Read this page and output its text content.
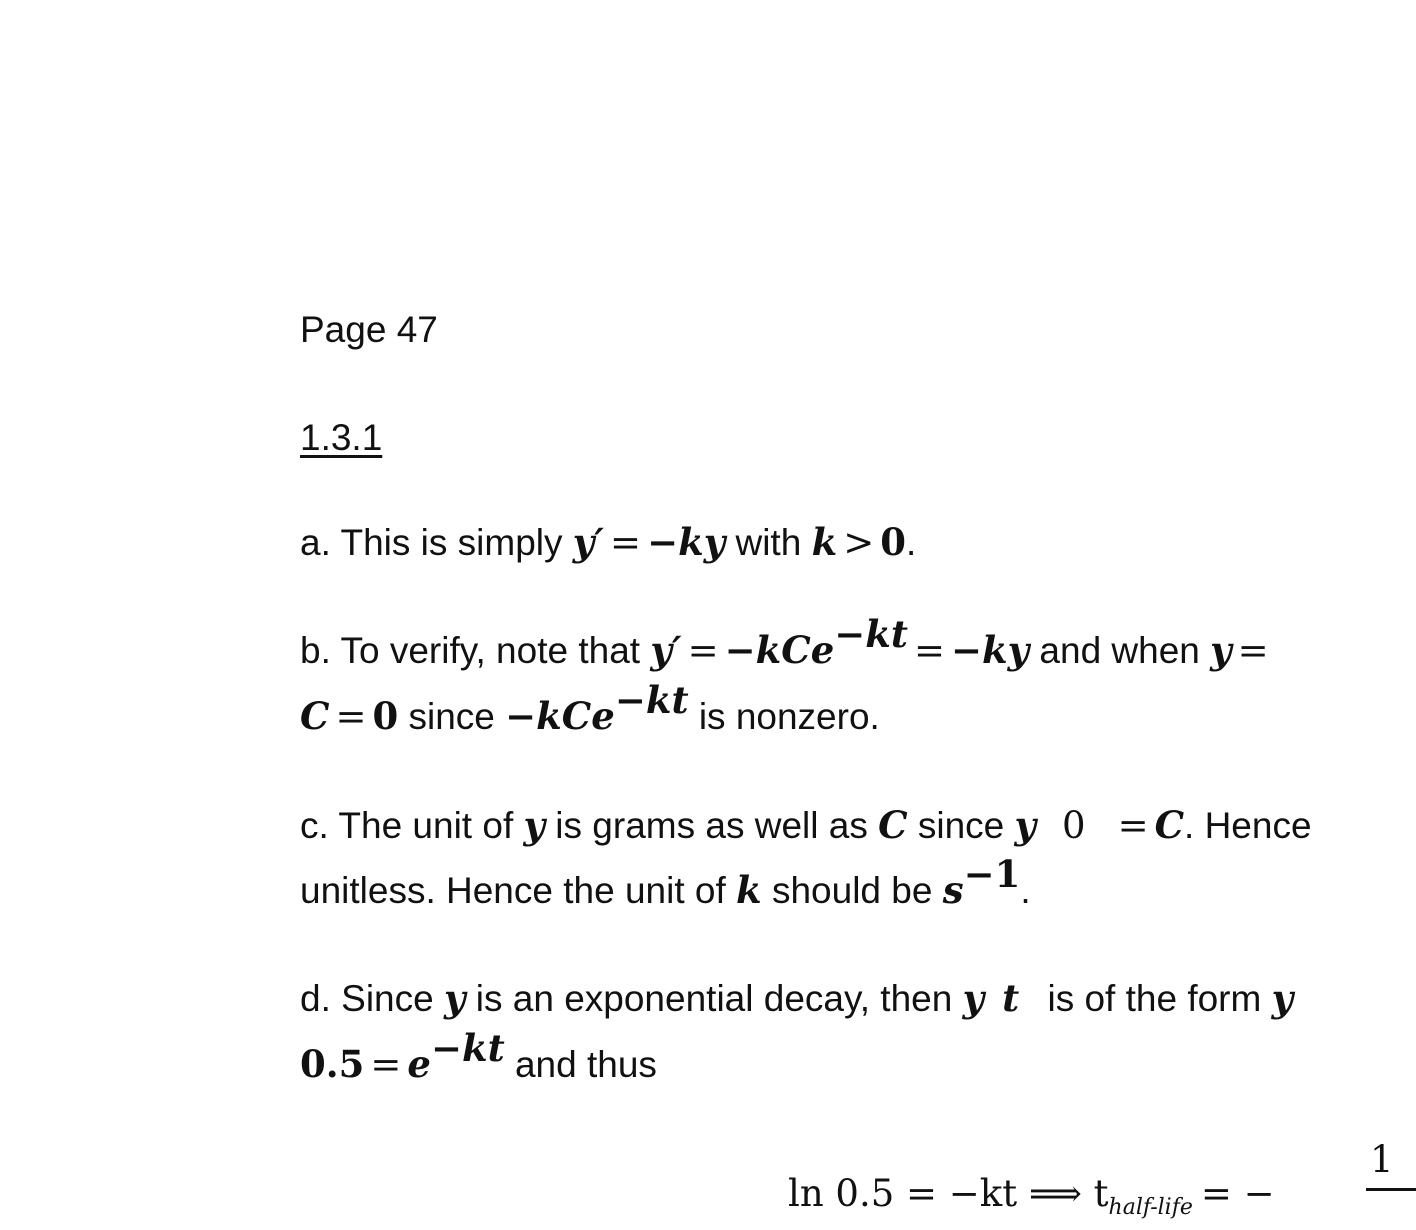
Page 47
1.3.1
a. This is simply y′ = −ky with k > 0.
b. To verify, note that y′ = −kCe$^{-kt}$ = −ky and when y =
C = 0 since −kCe$^{-kt}$ is nonzero.
c. The unit of y is grams as well as C since y 0 = C. Hence
unitless. Hence the unit of k should be $s^{-1}$.
d. Since y is an exponential decay, then y t is of the form y
$0.5 = e^{-kt}$ and thus
1
ln 0.5 = −kt ⟹ $t_{half-life}$ = −
